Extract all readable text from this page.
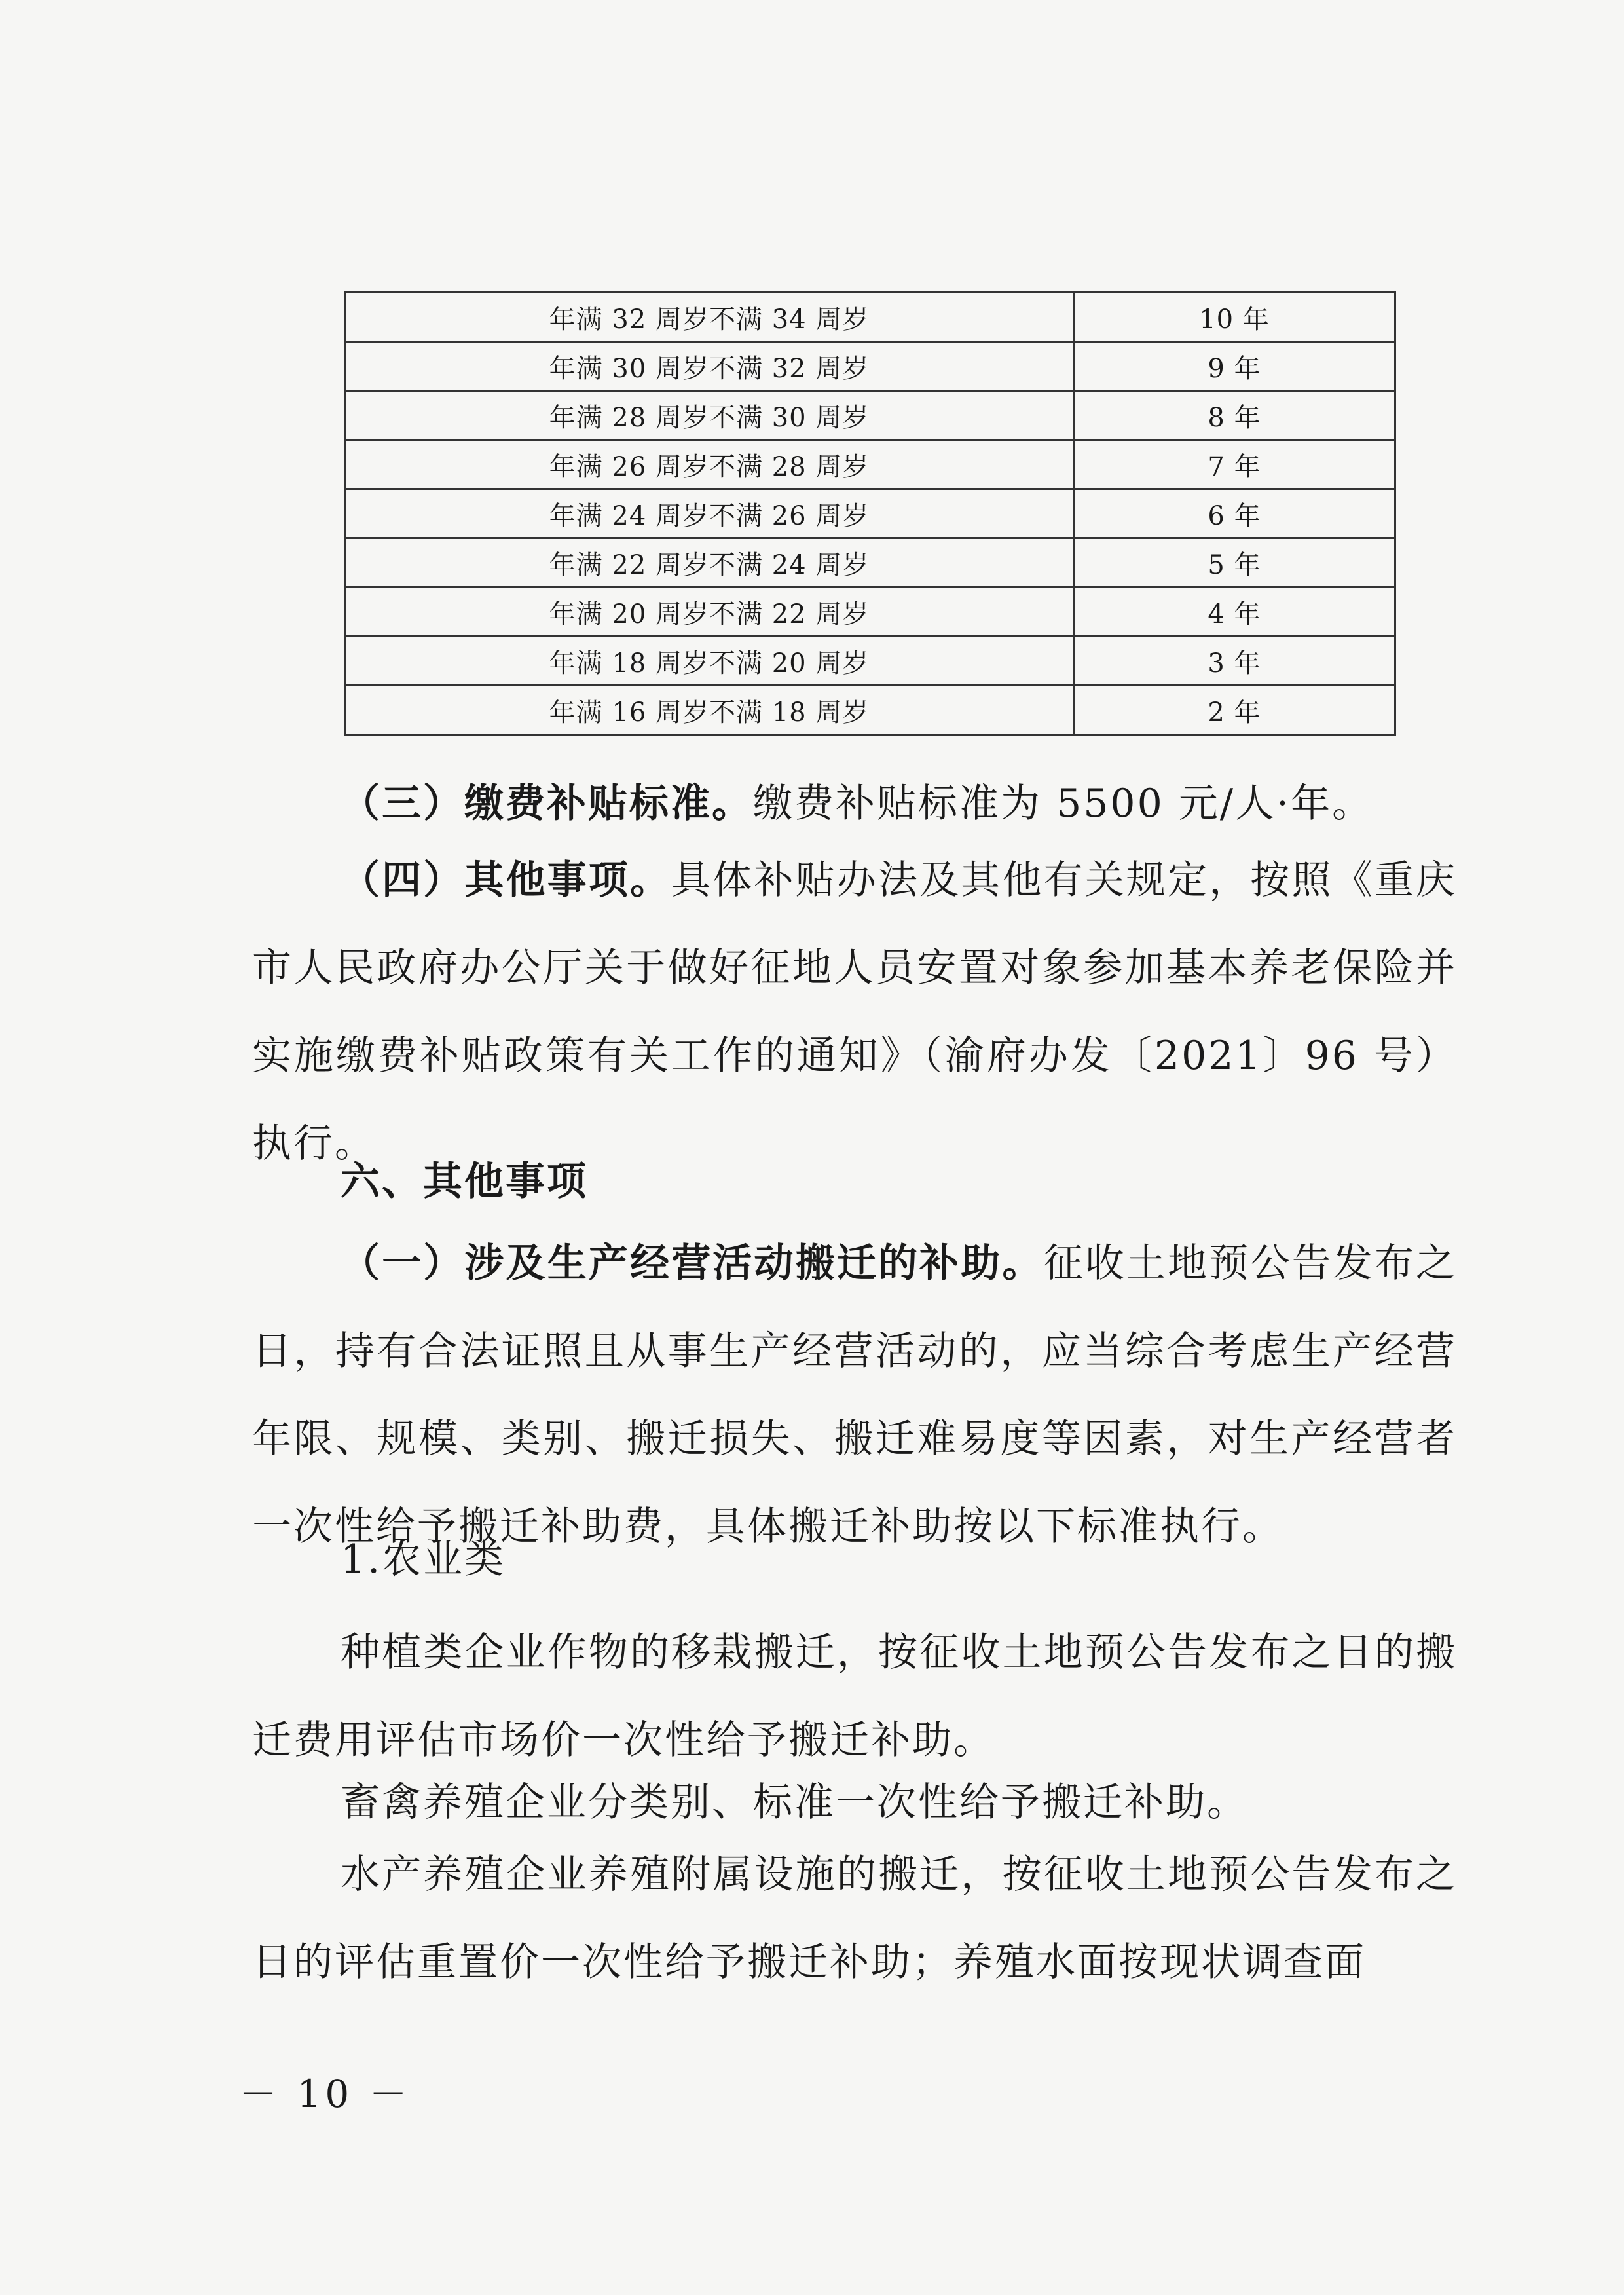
年满 32 周岁不满 34 周岁	10 年
年满 30 周岁不满 32 周岁	9 年
年满 28 周岁不满 30 周岁	8 年
年满 26 周岁不满 28 周岁	7 年
年满 24 周岁不满 26 周岁	6 年
年满 22 周岁不满 24 周岁	5 年
年满 20 周岁不满 22 周岁	4 年
年满 18 周岁不满 20 周岁	3 年
年满 16 周岁不满 18 周岁	2 年
（三）缴费补贴标准。缴费补贴标准为 5500 元/人·年。
（四）其他事项。具体补贴办法及其他有关规定，按照《重庆市人民政府办公厅关于做好征地人员安置对象参加基本养老保险并实施缴费补贴政策有关工作的通知》（渝府办发〔2021〕96 号）执行。
六、其他事项
（一）涉及生产经营活动搬迁的补助。征收土地预公告发布之日，持有合法证照且从事生产经营活动的，应当综合考虑生产经营年限、规模、类别、搬迁损失、搬迁难易度等因素，对生产经营者一次性给予搬迁补助费，具体搬迁补助按以下标准执行。
1.农业类
种植类企业作物的移栽搬迁，按征收土地预公告发布之日的搬迁费用评估市场价一次性给予搬迁补助。
畜禽养殖企业分类别、标准一次性给予搬迁补助。
水产养殖企业养殖附属设施的搬迁，按征收土地预公告发布之日的评估重置价一次性给予搬迁补助；养殖水面按现状调查面
－ 10 －
